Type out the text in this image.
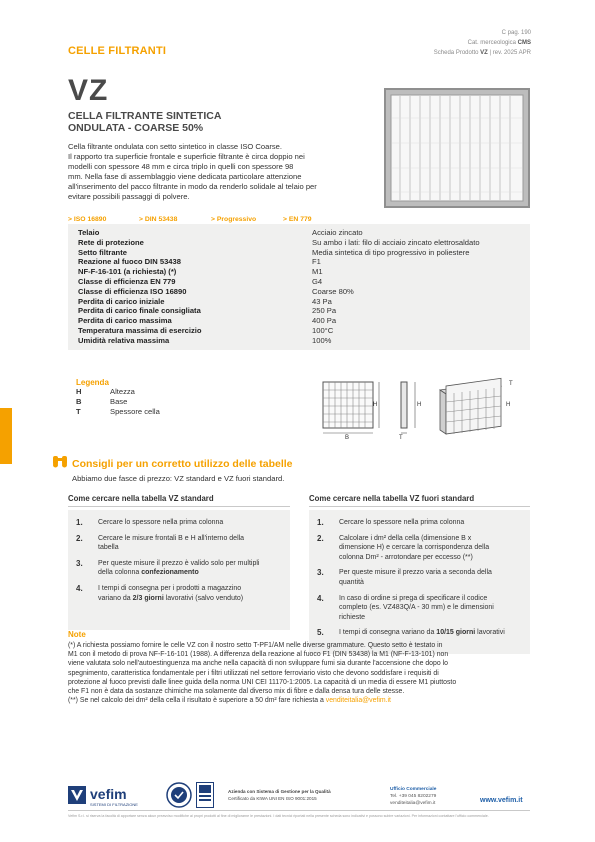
CELLE FILTRANTI
C pag. 190
Cat. merceologica CMS
Scheda Prodotto VZ | rev. 2025 APR
VZ
CELLA FILTRANTE SINTETICA
ONDULATA - COARSE 50%
Cella filtrante ondulata con setto sintetico in classe ISO Coarse.
Il rapporto tra superficie frontale e superficie filtrante è circa doppio nei
modelli con spessore 48 mm e circa triplo in quelli con spessore 98
mm. Nella fase di assemblaggio viene dedicata particolare attenzione
all'inserimento del pacco filtrante in modo da renderlo solidale al telaio per
evitare possibili passaggi di polvere.
> ISO 16890	> DIN 53438	> Progressivo	> EN 779
Telaio	Acciaio zincato
Rete di protezione	Su ambo i lati: filo di acciaio zincato elettrosaldato
Setto filtrante	Media sintetica di tipo progressivo in poliestere
Reazione al fuoco DIN 53438	F1
NF-F-16-101 (a richiesta) (*)	M1
Classe di efficienza EN 779	G4
Classe di efficienza ISO 16890	Coarse 80%
Perdita di carico iniziale	43 Pa
Perdita di carico finale consigliata	250 Pa
Perdita di carico massima	400 Pa
Temperatura massima di esercizio	100°C
Umidità relativa massima	100%
Legenda
H	Altezza
B	Base
T	Spessore cella
H
B
H
T
H
T
Consigli per un corretto utilizzo delle tabelle
Abbiamo due fasce di prezzo: VZ standard e VZ fuori standard.
Come cercare nella tabella VZ standard
1.	Cercare lo spessore nella prima colonna
2.	Cercare le misure frontali B e H all'interno della
tabella
3.	Per queste misure il prezzo è valido solo per multipli
della colonna confezionamento
4.	I tempi di consegna per i prodotti a magazzino
variano da 2/3 giorni lavorativi (salvo venduto)
Come cercare nella tabella VZ fuori standard
1.	Cercare lo spessore nella prima colonna
2.	Calcolare i dm² della cella (dimensione B x
dimensione H) e cercare la corrispondenza della
colonna Dm² - arrotondare per eccesso (**)
3.	Per queste misure il prezzo varia a seconda della
quantità
4.	In caso di ordine si prega di specificare il codice
completo (es. VZ483Q/A - 30 mm) e le dimensioni
richieste
5.	I tempi di consegna variano da 10/15 giorni lavorativi
Note
(*) A richiesta possiamo fornire le celle VZ con il nostro setto T-PF1/AM nelle diverse grammature. Questo setto è testato in
M1 con il metodo di prova NF-F-16-101 (1988). A differenza della reazione al fuoco F1 (DIN 53438) la M1 (NF-F-13-101) non
viene valutata solo nell'autoestinguenza ma anche nella capacità di non sviluppare fumi sia durante l'accensione che dopo lo
spegnimento, caratteristica fondamentale per i filtri utilizzati nel settore ferroviario visto che devono soddisfare i requisiti di
protezione al fuoco previsti dalle linee guida della norma UNI CEI 11170-1:2005. La capacità di un media di essere M1 piuttosto
che F1 non è data da sostanze chimiche ma solamente dal diverso mix di fibre e dalla densa tura delle stesse.
(**) Se nel calcolo dei dm² della cella il risultato è superiore a 50 dm² fare richiesta a venditeitalia@vefim.it
vefim
SISTEMI DI FILTRAZIONE
Azienda con Sistema di Gestione per la Qualità
Certificato da KIWA UNI EN ISO 9001:2015
Ufficio Commerciale
Tel. +39 045 8202279
venditeitalia@vefim.it	www.vefim.it
Vefim S.r.l. si riserva la facoltà di apportare senza alcun preavviso modifiche ai propri prodotti al fine di migliorarne le prestazioni. I dati tecnici riportati nella presente scheda sono indicativi e possono subire variazioni. Per informazioni contattare l'ufficio commerciale.
